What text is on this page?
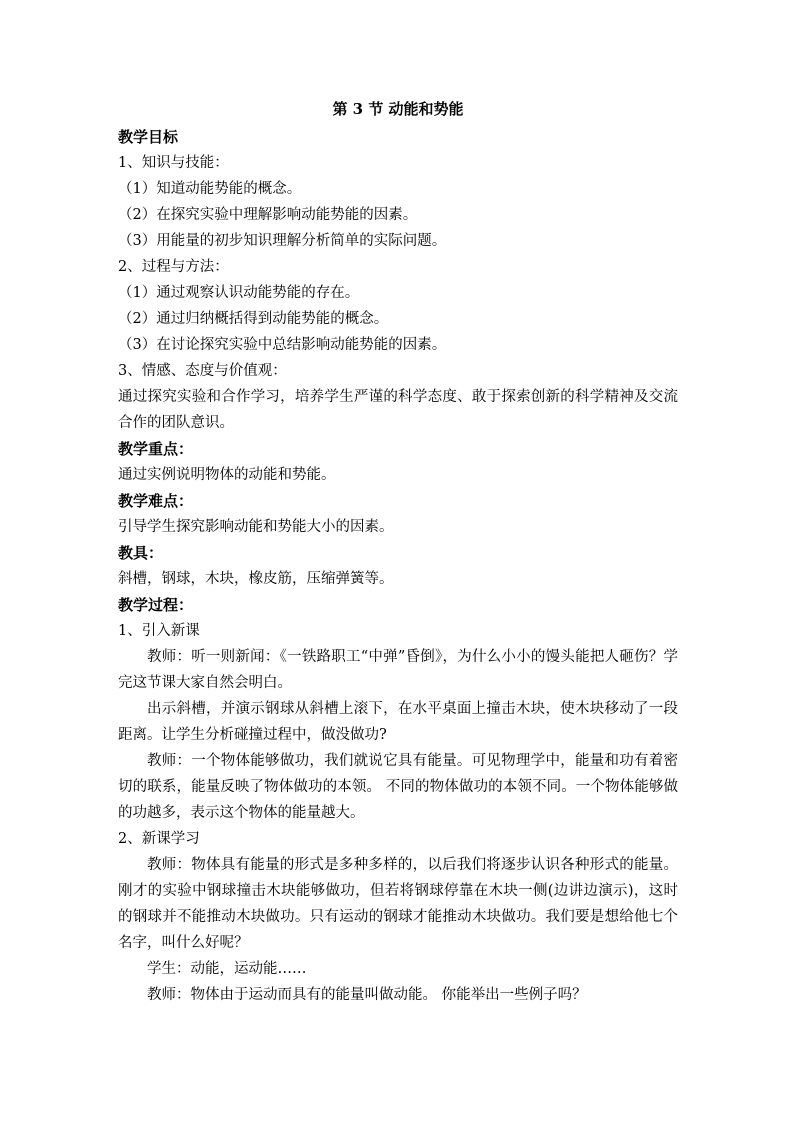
第 3 节 动能和势能
教学目标
1、知识与技能：
（1）知道动能势能的概念。
（2）在探究实验中理解影响动能势能的因素。
（3）用能量的初步知识理解分析简单的实际问题。
2、过程与方法：
（1）通过观察认识动能势能的存在。
（2）通过归纳概括得到动能势能的概念。
（3）在讨论探究实验中总结影响动能势能的因素。
3、情感、态度与价值观：
通过探究实验和合作学习，培养学生严谨的科学态度、敢于探索创新的科学精神及交流合作的团队意识。
教学重点：
通过实例说明物体的动能和势能。
教学难点：
引导学生探究影响动能和势能大小的因素。
教具：
斜槽，钢球，木块，橡皮筋，压缩弹簧等。
教学过程：
1、引入新课
教师：听一则新闻：《一铁路职工“中弹”昏倒》，为什么小小的馒头能把人砸伤？学完这节课大家自然会明白。
出示斜槽，并演示钢球从斜槽上滚下，在水平桌面上撞击木块，使木块移动了一段距离。让学生分析碰撞过程中，做没做功?
教师：一个物体能够做功，我们就说它具有能量。可见物理学中，能量和功有着密切的联系，能量反映了物体做功的本领。 不同的物体做功的本领不同。一个物体能够做的功越多，表示这个物体的能量越大。
2、新课学习
教师：物体具有能量的形式是多种多样的，以后我们将逐步认识各种形式的能量。刚才的实验中钢球撞击木块能够做功，但若将钢球停靠在木块一侧(边讲边演示)，这时的钢球并不能推动木块做功。只有运动的钢球才能推动木块做功。我们要是想给他七个名字，叫什么好呢？
学生：动能，运动能……
教师：物体由于运动而具有的能量叫做动能。 你能举出一些例子吗？
